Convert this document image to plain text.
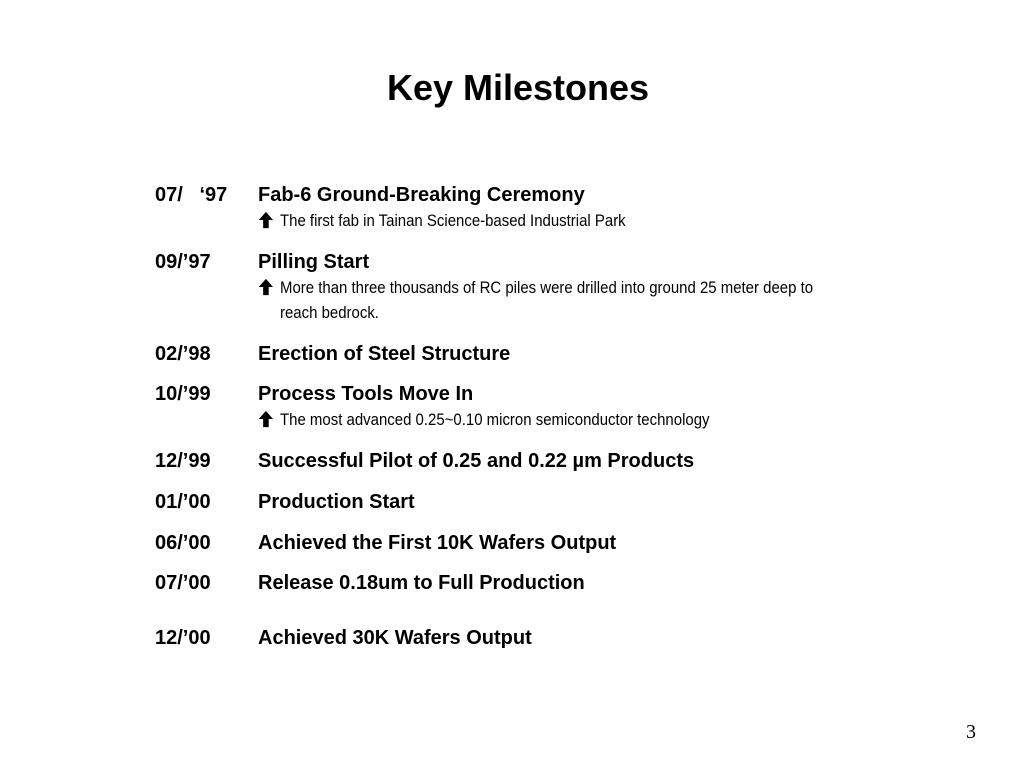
Key Milestones
07/   ‘97 Fab-6 Ground-Breaking Ceremony
The first fab in Tainan Science-based Industrial Park
09/’97 Pilling Start
More than three thousands of RC piles were drilled into ground 25 meter deep to reach bedrock.
02/’98 Erection of Steel Structure
10/’99 Process Tools Move In
The most advanced 0.25~0.10 micron semiconductor technology
12/’99 Successful Pilot of 0.25 and 0.22 µm Products
01/’00 Production Start
06/’00 Achieved the First 10K Wafers Output
07/’00 Release 0.18um to Full Production
12/’00 Achieved 30K Wafers Output
3
